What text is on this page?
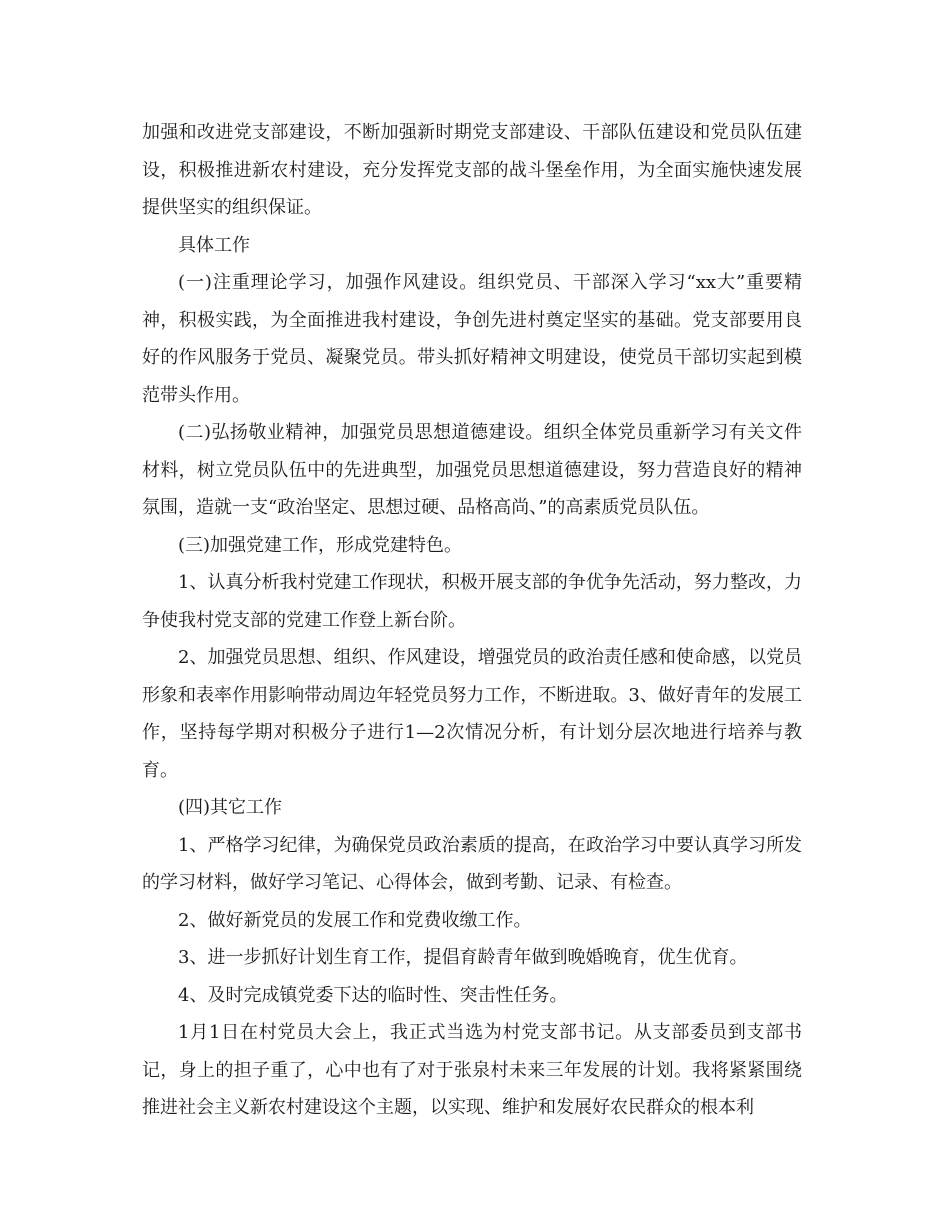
加强和改进党支部建设，不断加强新时期党支部建设、干部队伍建设和党员队伍建设，积极推进新农村建设，充分发挥党支部的战斗堡垒作用，为全面实施快速发展提供坚实的组织保证。

具体工作

(一)注重理论学习，加强作风建设。组织党员、干部深入学习“xx大”重要精神，积极实践，为全面推进我村建设，争创先进村奠定坚实的基础。党支部要用良好的作风服务于党员、凝聚党员。带头抓好精神文明建设，使党员干部切实起到模范带头作用。

(二)弘扬敬业精神，加强党员思想道德建设。组织全体党员重新学习有关文件材料，树立党员队伍中的先进典型，加强党员思想道德建设，努力营造良好的精神氛围，造就一支“政治坚定、思想过硬、品格高尚、”的高素质党员队伍。

(三)加强党建工作，形成党建特色。

1、认真分析我村党建工作现状，积极开展支部的争优争先活动，努力整改，力争使我村党支部的党建工作登上新台阶。

2、加强党员思想、组织、作风建设，增强党员的政治责任感和使命感，以党员形象和表率作用影响带动周边年轻党员努力工作，不断进取。3、做好青年的发展工作，坚持每学期对积极分子进行1—2次情况分析，有计划分层次地进行培养与教育。

(四)其它工作

1、严格学习纪律，为确保党员政治素质的提高，在政治学习中要认真学习所发的学习材料，做好学习笔记、心得体会，做到考勤、记录、有检查。

2、做好新党员的发展工作和党费收缴工作。

3、进一步抓好计划生育工作，提倡育龄青年做到晚婚晚育，优生优育。

4、及时完成镇党委下达的临时性、突击性任务。

1月1日在村党员大会上，我正式当选为村党支部书记。从支部委员到支部书记，身上的担子重了，心中也有了对于张泉村未来三年发展的计划。我将紧紧围绕推进社会主义新农村建设这个主题，以实现、维护和发展好农民群众的根本利
